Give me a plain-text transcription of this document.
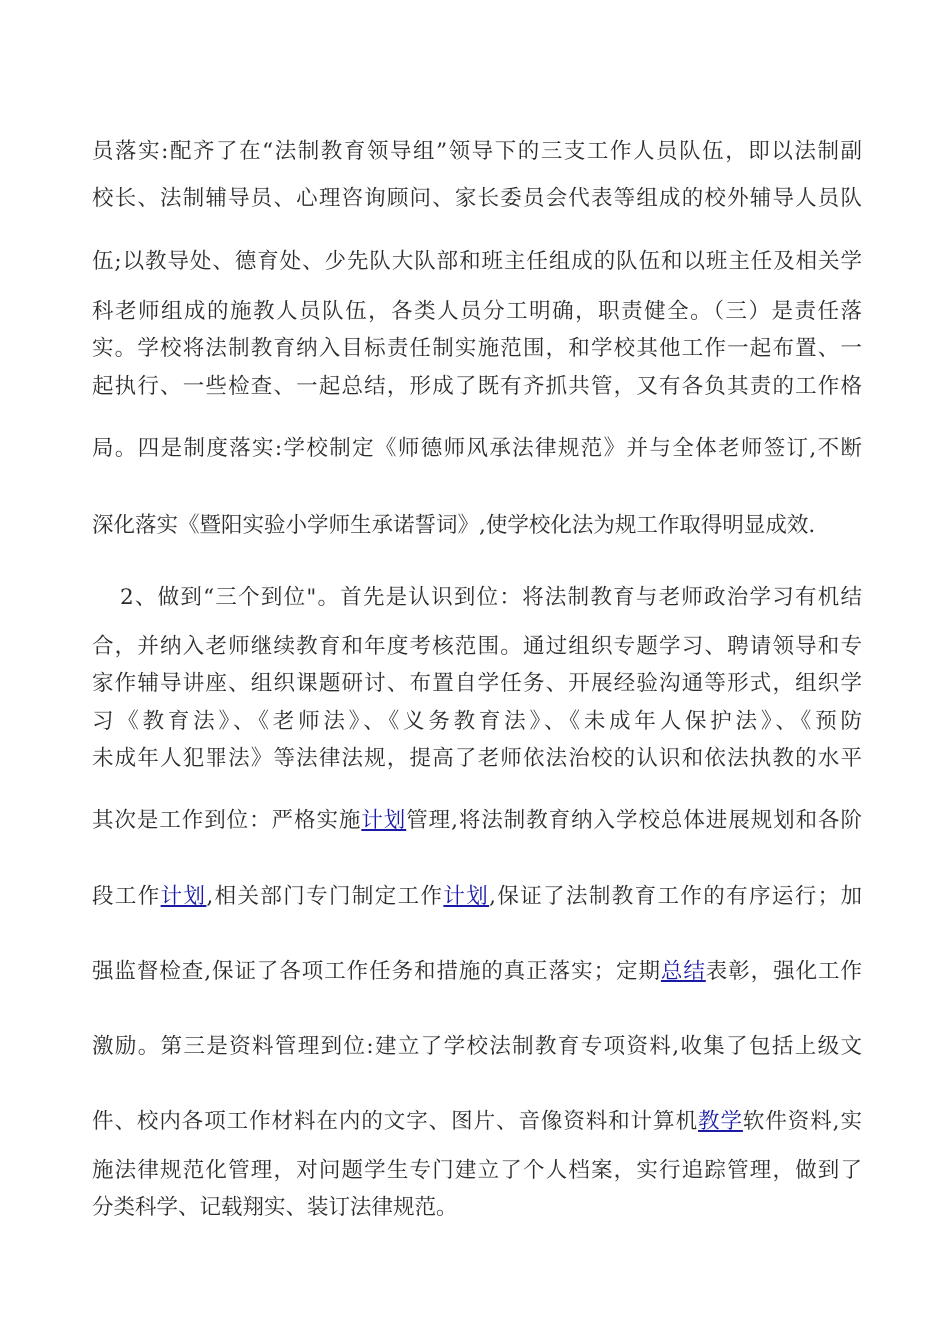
员落实:配齐了在“法制教育领导组”领导下的三支工作人员队伍，即以法制副
校长、法制辅导员、心理咨询顾问、家长委员会代表等组成的校外辅导人员队
伍;以教导处、德育处、少先队大队部和班主任组成的队伍和以班主任及相关学
科老师组成的施教人员队伍，各类人员分工明确，职责健全。（三）是责任落
实。学校将法制教育纳入目标责任制实施范围，和学校其他工作一起布置、一
起执行、一些检查、一起总结，形成了既有齐抓共管，又有各负其责的工作格
局。四是制度落实:学校制定《师德师风承法律规范》并与全体老师签订,不断
深化落实《暨阳实验小学师生承诺誓词》,使学校化法为规工作取得明显成效.
2、做到“三个到位"。首先是认识到位：将法制教育与老师政治学习有机结
合，并纳入老师继续教育和年度考核范围。通过组织专题学习、聘请领导和专
家作辅导讲座、组织课题研讨、布置自学任务、开展经验沟通等形式，组织学
习《教育法》、《老师法》、《义务教育法》、《未成年人保护法》、《预防
未成年人犯罪法》等法律法规，提高了老师依法治校的认识和依法执教的水平
其次是工作到位：严格实施计划管理,将法制教育纳入学校总体进展规划和各阶
段工作计划,相关部门专门制定工作计划,保证了法制教育工作的有序运行；加
强监督检查,保证了各项工作任务和措施的真正落实；定期总结表彰，强化工作
激励。第三是资料管理到位:建立了学校法制教育专项资料,收集了包括上级文
件、校内各项工作材料在内的文字、图片、音像资料和计算机教学软件资料,实
施法律规范化管理，对问题学生专门建立了个人档案，实行追踪管理，做到了
分类科学、记载翔实、装订法律规范。
